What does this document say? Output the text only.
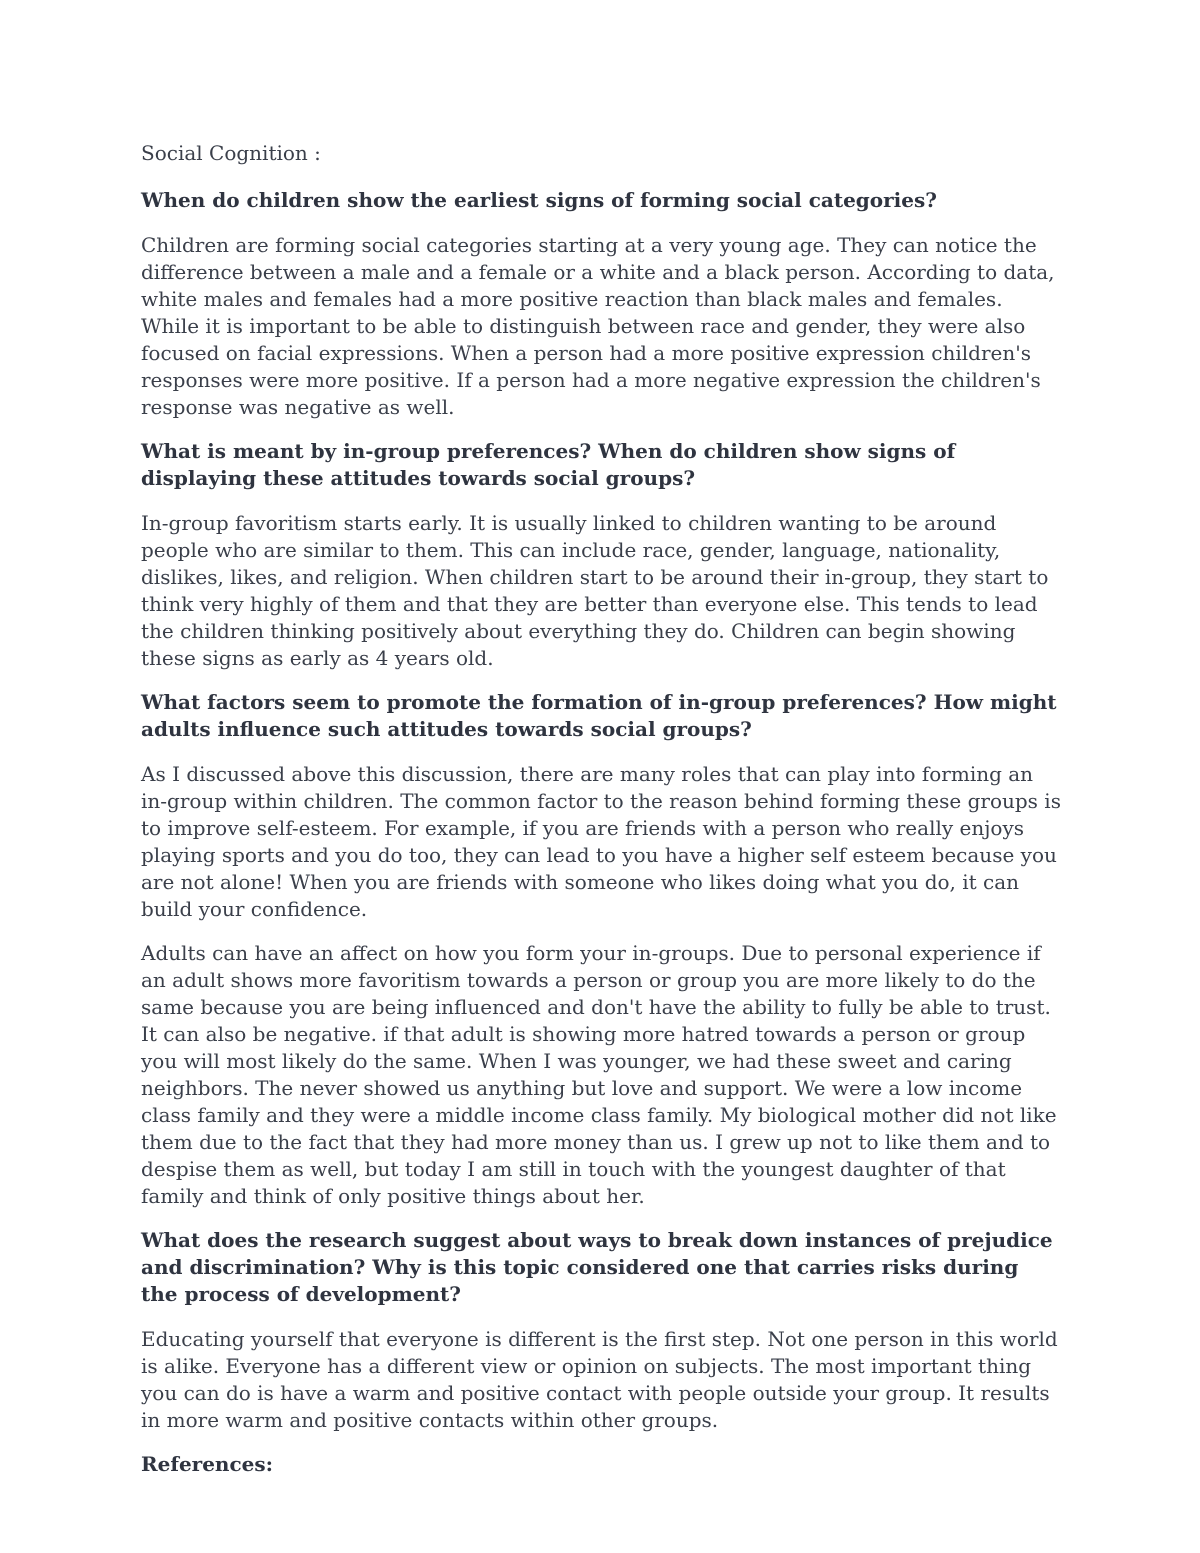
Social Cognition :

When do children show the earliest signs of forming social categories?

Children are forming social categories starting at a very young age. They can notice the difference between a male and a female or a white and a black person. According to data, white males and females had a more positive reaction than black males and females. While it is important to be able to distinguish between race and gender, they were also focused on facial expressions. When a person had a more positive expression children's responses were more positive. If a person had a more negative expression the children's response was negative as well.

What is meant by in-group preferences? When do children show signs of displaying these attitudes towards social groups?

In-group favoritism starts early. It is usually linked to children wanting to be around people who are similar to them. This can include race, gender, language, nationality, dislikes, likes, and religion. When children start to be around their in-group, they start to think very highly of them and that they are better than everyone else. This tends to lead the children thinking positively about everything they do. Children can begin showing these signs as early as 4 years old.

What factors seem to promote the formation of in-group preferences? How might adults influence such attitudes towards social groups?

As I discussed above this discussion, there are many roles that can play into forming an in-group within children. The common factor to the reason behind forming these groups is to improve self-esteem. For example, if you are friends with a person who really enjoys playing sports and you do too, they can lead to you have a higher self esteem because you are not alone! When you are friends with someone who likes doing what you do, it can build your confidence.

Adults can have an affect on how you form your in-groups. Due to personal experience if an adult shows more favoritism towards a person or group you are more likely to do the same because you are being influenced and don't have the ability to fully be able to trust. It can also be negative. if that adult is showing more hatred towards a person or group you will most likely do the same. When I was younger, we had these sweet and caring neighbors. The never showed us anything but love and support. We were a low income class family and they were a middle income class family. My biological mother did not like them due to the fact that they had more money than us. I grew up not to like them and to despise them as well, but today I am still in touch with the youngest daughter of that family and think of only positive things about her.

What does the research suggest about ways to break down instances of prejudice and discrimination? Why is this topic considered one that carries risks during the process of development?

Educating yourself that everyone is different is the first step. Not one person in this world is alike. Everyone has a different view or opinion on subjects. The most important thing you can do is have a warm and positive contact with people outside your group. It results in more warm and positive contacts within other groups.

References:
